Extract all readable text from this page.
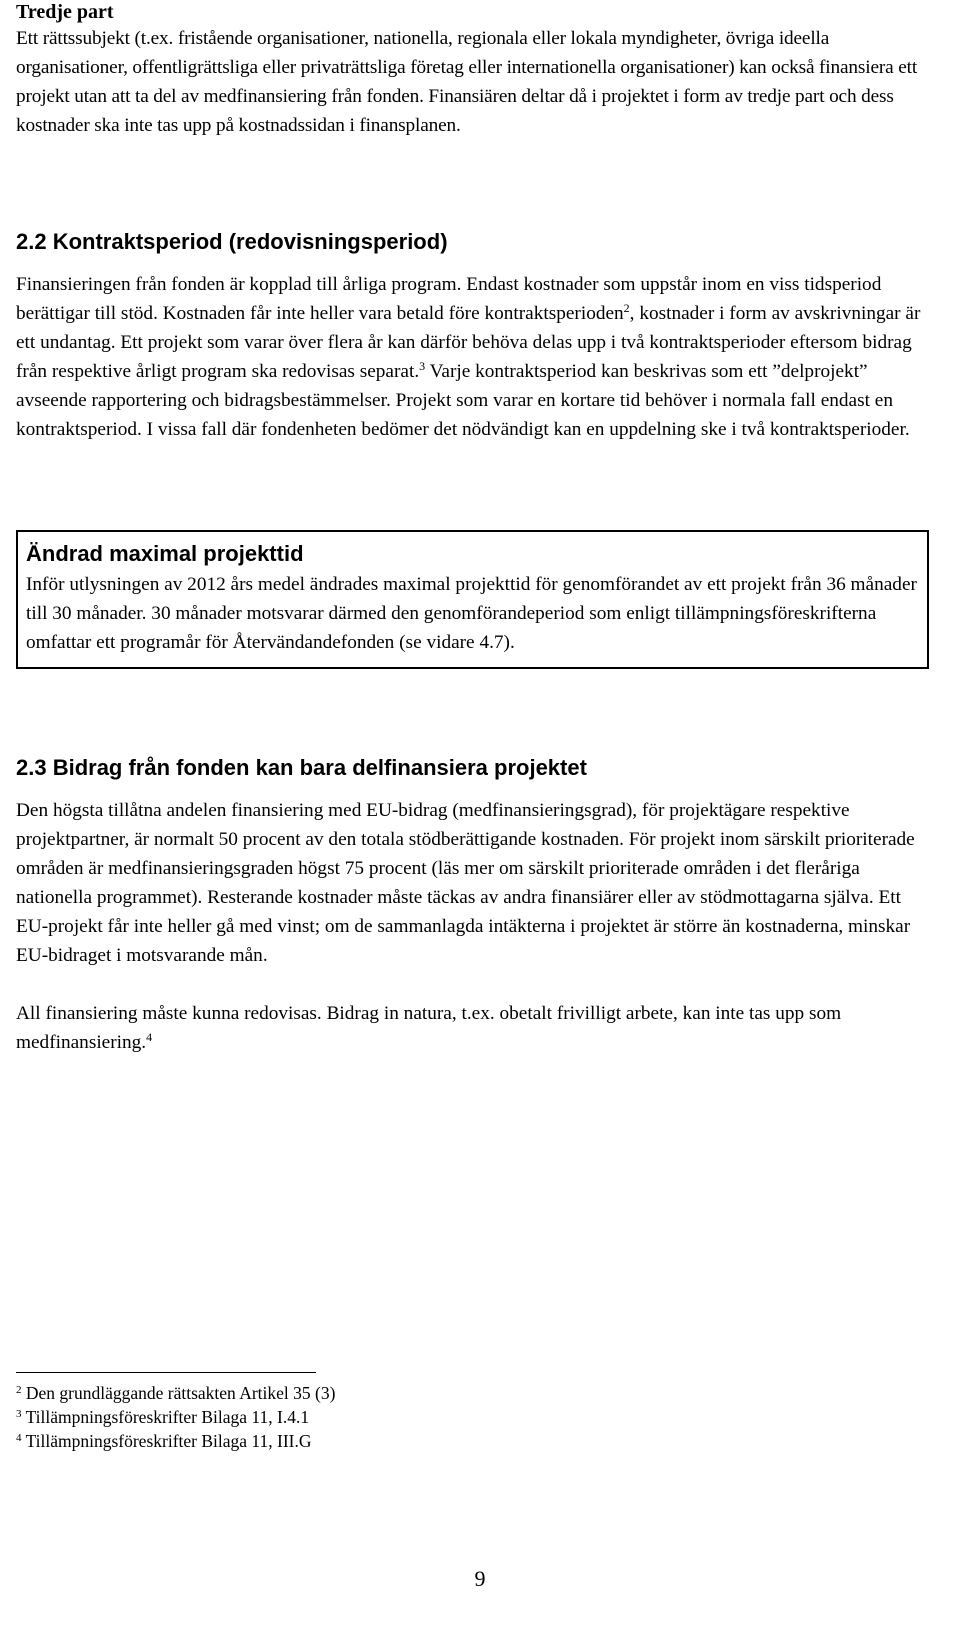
Tredje part

Ett rättssubjekt (t.ex. fristående organisationer, nationella, regionala eller lokala myndigheter, övriga ideella organisationer, offentligrättsliga eller privaträttsliga företag eller internationella organisationer) kan också finansiera ett projekt utan att ta del av medfinansiering från fonden. Finansiären deltar då i projektet i form av tredje part och dess kostnader ska inte tas upp på kostnadssidan i finansplanen.

2.2 Kontraktsperiod (redovisningsperiod)

Finansieringen från fonden är kopplad till årliga program. Endast kostnader som uppstår inom en viss tidsperiod berättigar till stöd. Kostnaden får inte heller vara betald före kontraktsperioden$^2$, kostnader i form av avskrivningar är ett undantag. Ett projekt som varar över flera år kan därför behöva delas upp i två kontraktsperioder eftersom bidrag från respektive årligt program ska redovisas separat.$^3$ Varje kontraktsperiod kan beskrivas som ett ”delprojekt” avseende rapportering och bidragsbestämmelser. Projekt som varar en kortare tid behöver i normala fall endast en kontraktsperiod. I vissa fall där fondenheten bedömer det nödvändigt kan en uppdelning ske i två kontraktsperioder.

Ändrad maximal projekttid

Inför utlysningen av 2012 års medel ändrades maximal projekttid för genomförandet av ett projekt från 36 månader till 30 månader. 30 månader motsvarar därmed den genomförandeperiod som enligt tillämpningsföreskrifterna omfattar ett programår för Återvändandefonden (se vidare 4.7).

2.3 Bidrag från fonden kan bara delfinansiera projektet

Den högsta tillåtna andelen finansiering med EU-bidrag (medfinansieringsgrad), för projektägare respektive projektpartner, är normalt 50 procent av den totala stödberättigande kostnaden. För projekt inom särskilt prioriterade områden är medfinansieringsgraden högst 75 procent (läs mer om särskilt prioriterade områden i det fleråriga nationella programmet). Resterande kostnader måste täckas av andra finansiärer eller av stödmottagarna själva. Ett EU-projekt får inte heller gå med vinst; om de sammanlagda intäkterna i projektet är större än kostnaderna, minskar EU-bidraget i motsvarande mån.

All finansiering måste kunna redovisas. Bidrag in natura, t.ex. obetalt frivilligt arbete, kan inte tas upp som medfinansiering.$^4$

$^2$ Den grundläggande rättsakten Artikel 35 (3)

$^3$ Tillämpningsföreskrifter Bilaga 11, I.4.1

$^4$ Tillämpningsföreskrifter Bilaga 11, III.G

9
